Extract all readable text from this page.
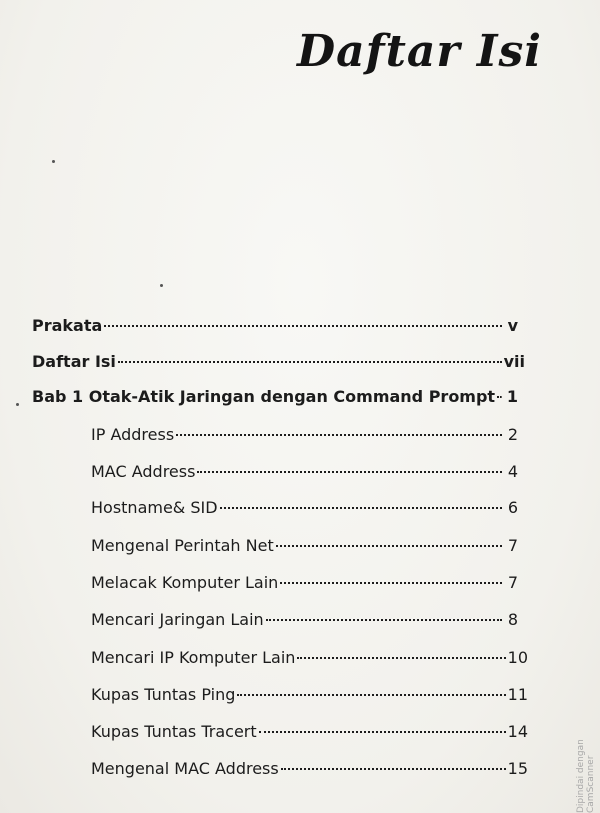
Daftar Isi
Prakata	v
Daftar Isi	vii
Bab 1 Otak-Atik Jaringan dengan Command Prompt 1
IP Address	2
MAC Address	4
Hostname& SID	6
Mengenal Perintah Net	7
Melacak Komputer Lain	7
Mencari Jaringan Lain	8
Mencari IP Komputer Lain	10
Kupas Tuntas Ping	11
Kupas Tuntas Tracert	14
Mengenal MAC Address	15	Dipindai dengan CamScanner
